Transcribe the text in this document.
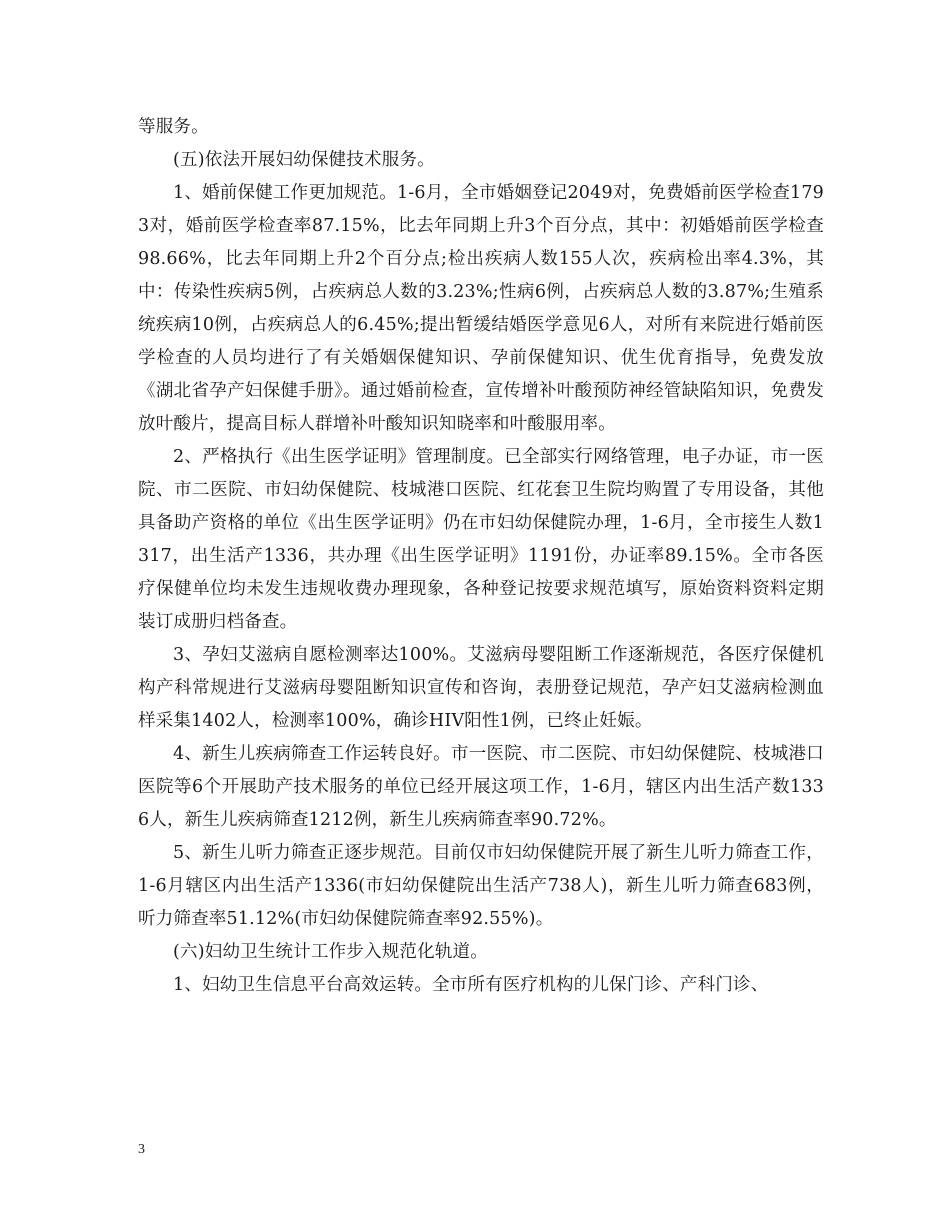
等服务。

(五)依法开展妇幼保健技术服务。

1、婚前保健工作更加规范。1-6月，全市婚姻登记2049对，免费婚前医学检查1793对，婚前医学检查率87.15%，比去年同期上升3个百分点，其中：初婚婚前医学检查98.66%，比去年同期上升2个百分点;检出疾病人数155人次，疾病检出率4.3%，其中：传染性疾病5例，占疾病总人数的3.23%;性病6例，占疾病总人数的3.87%;生殖系统疾病10例，占疾病总人的6.45%;提出暂缓结婚医学意见6人，对所有来院进行婚前医学检查的人员均进行了有关婚姻保健知识、孕前保健知识、优生优育指导，免费发放《湖北省孕产妇保健手册》。通过婚前检查，宣传增补叶酸预防神经管缺陷知识，免费发放叶酸片，提高目标人群增补叶酸知识知晓率和叶酸服用率。

2、严格执行《出生医学证明》管理制度。已全部实行网络管理，电子办证，市一医院、市二医院、市妇幼保健院、枝城港口医院、红花套卫生院均购置了专用设备，其他具备助产资格的单位《出生医学证明》仍在市妇幼保健院办理，1-6月，全市接生人数1317，出生活产1336，共办理《出生医学证明》1191份，办证率89.15%。全市各医疗保健单位均未发生违规收费办理现象，各种登记按要求规范填写，原始资料资料定期装订成册归档备查。

3、孕妇艾滋病自愿检测率达100%。艾滋病母婴阻断工作逐渐规范，各医疗保健机构产科常规进行艾滋病母婴阻断知识宣传和咨询，表册登记规范，孕产妇艾滋病检测血样采集1402人，检测率100%，确诊HIV阳性1例，已终止妊娠。

4、新生儿疾病筛查工作运转良好。市一医院、市二医院、市妇幼保健院、枝城港口医院等6个开展助产技术服务的单位已经开展这项工作，1-6月，辖区内出生活产数1336人，新生儿疾病筛查1212例，新生儿疾病筛查率90.72%。

5、新生儿听力筛查正逐步规范。目前仅市妇幼保健院开展了新生儿听力筛查工作，1-6月辖区内出生活产1336(市妇幼保健院出生活产738人)，新生儿听力筛查683例，听力筛查率51.12%(市妇幼保健院筛查率92.55%)。

(六)妇幼卫生统计工作步入规范化轨道。

1、妇幼卫生信息平台高效运转。全市所有医疗机构的儿保门诊、产科门诊、

3
